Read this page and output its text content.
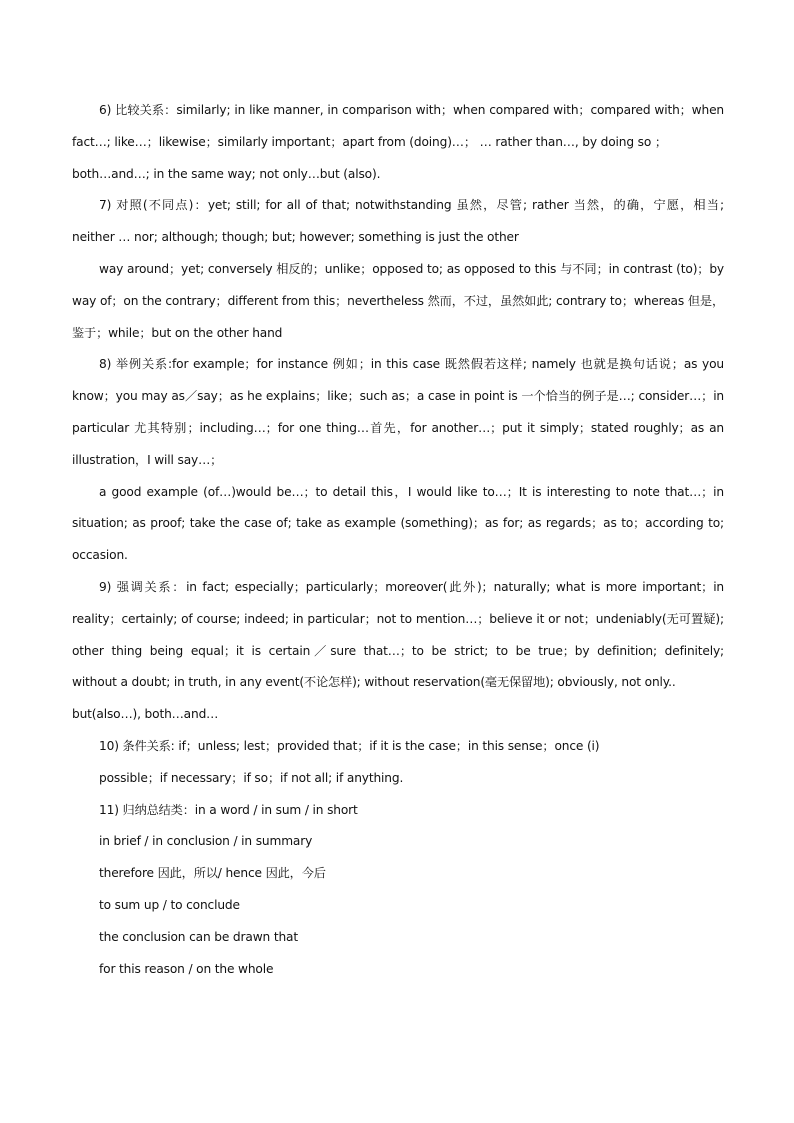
6) 比较关系：similarly; in like manner, in comparison with；when compared with；compared with；when
fact…; like…；likewise；similarly important；apart from (doing)…； … rather than…, by doing so ；
both…and…; in the same way; not only…but (also).
7) 对照(不同点)：yet; still; for all of that; notwithstanding 虽然，尽管; rather 当然，的确，宁愿，相当;
neither … nor; although; though; but; however; something is just the other
way around；yet; conversely 相反的；unlike；opposed to; as opposed to this 与不同；in contrast (to)；by
way of；on the contrary；different from this；nevertheless 然而，不过，虽然如此; contrary to；whereas 但是，
鉴于；while；but on the other hand
8) 举例关系:for example；for instance 例如；in this case 既然假若这样; namely 也就是换句话说；as you
know；you may as／say；as he explains；like；such as；a case in point is 一个恰当的例子是…; consider…；in
particular 尤其特别；including…；for one thing…首先，for another…；put it simply；stated roughly；as an
illustration，I will say…；
a good example (of…)would be…；to detail this，I would like to…；It is interesting to note that…；in
situation; as proof; take the case of; take as example (something)；as for; as regards；as to；according to;
occasion.
9) 强调关系：in fact; especially；particularly；moreover(此外)；naturally; what is more important；in
reality；certainly; of course; indeed; in particular；not to mention…；believe it or not；undeniably(无可置疑);
other thing being equal；it is certain／sure that…；to be strict; to be true；by definition; definitely;
without a doubt; in truth, in any event(不论怎样); without reservation(毫无保留地); obviously, not only..
but(also…), both…and…
10) 条件关系: if；unless; lest；provided that；if it is the case；in this sense；once (i)
possible；if necessary；if so；if not all; if anything.
11) 归纳总结类：in a word / in sum / in short
in brief / in conclusion / in summary
therefore 因此，所以/ hence 因此，今后
to sum up / to conclude
the conclusion can be drawn that
for this reason / on the whole
